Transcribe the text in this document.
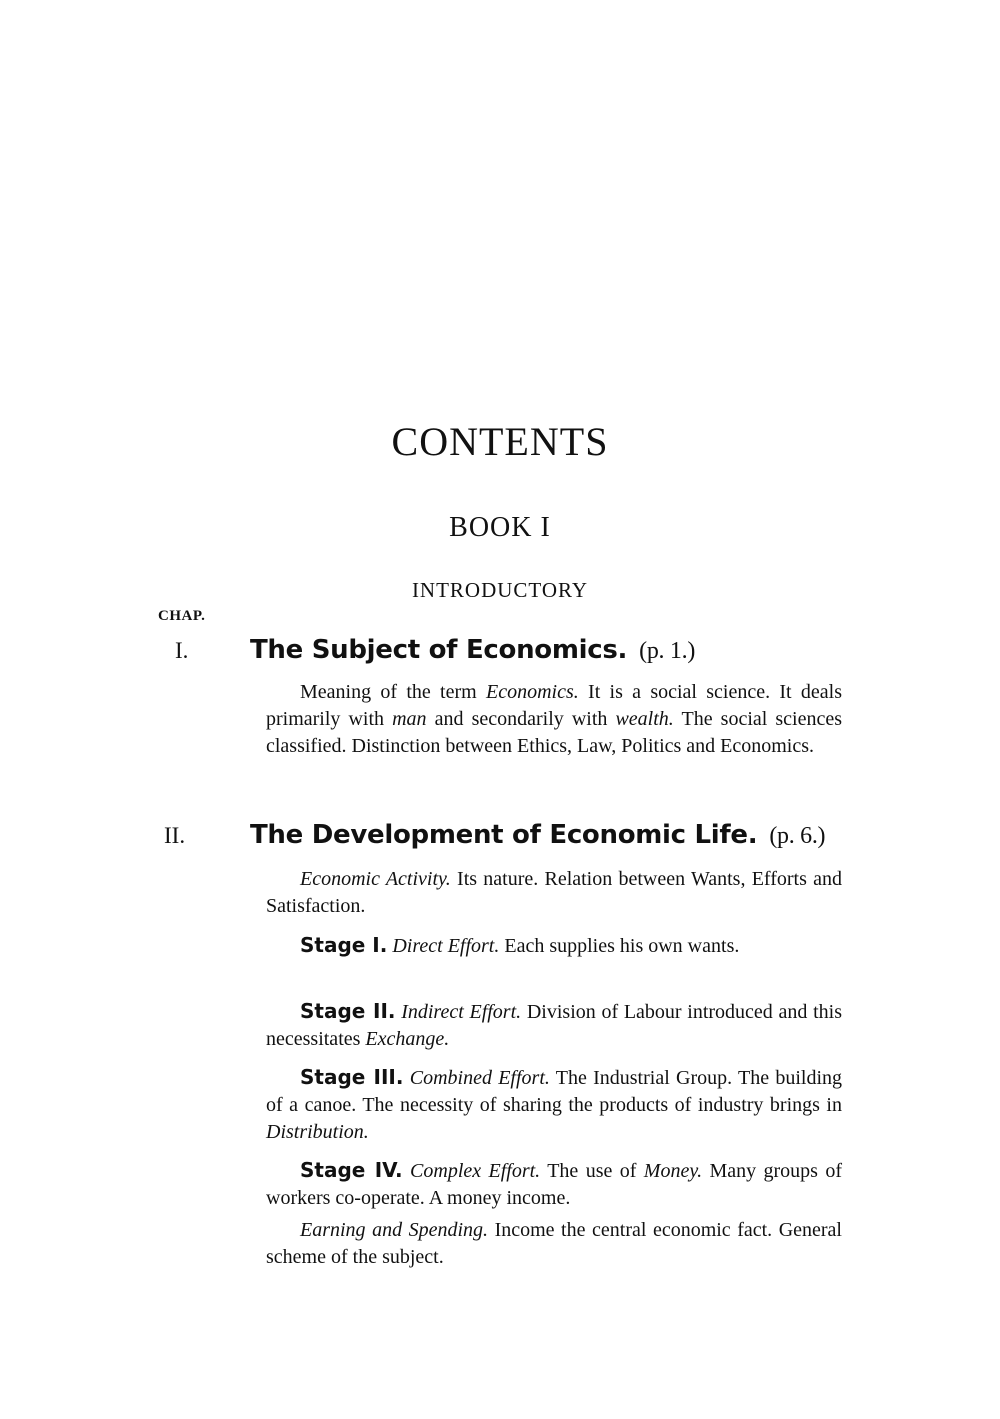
CONTENTS
BOOK I
INTRODUCTORY
CHAP.
I. The Subject of Economics. (p. 1.)

Meaning of the term Economics. It is a social science. It deals primarily with man and secondarily with wealth. The social sciences classified. Distinction between Ethics, Law, Politics and Economics.

II. The Development of Economic Life. (p. 6.)

Economic Activity. Its nature. Relation between Wants, Efforts and Satisfaction.

Stage I. Direct Effort. Each supplies his own wants.

Stage II. Indirect Effort. Division of Labour introduced and this necessitates Exchange.

Stage III. Combined Effort. The Industrial Group. The building of a canoe. The necessity of sharing the products of industry brings in Distribution.

Stage IV. Complex Effort. The use of Money. Many groups of workers co-operate. A money income.

Earning and Spending. Income the central economic fact. General scheme of the subject.
